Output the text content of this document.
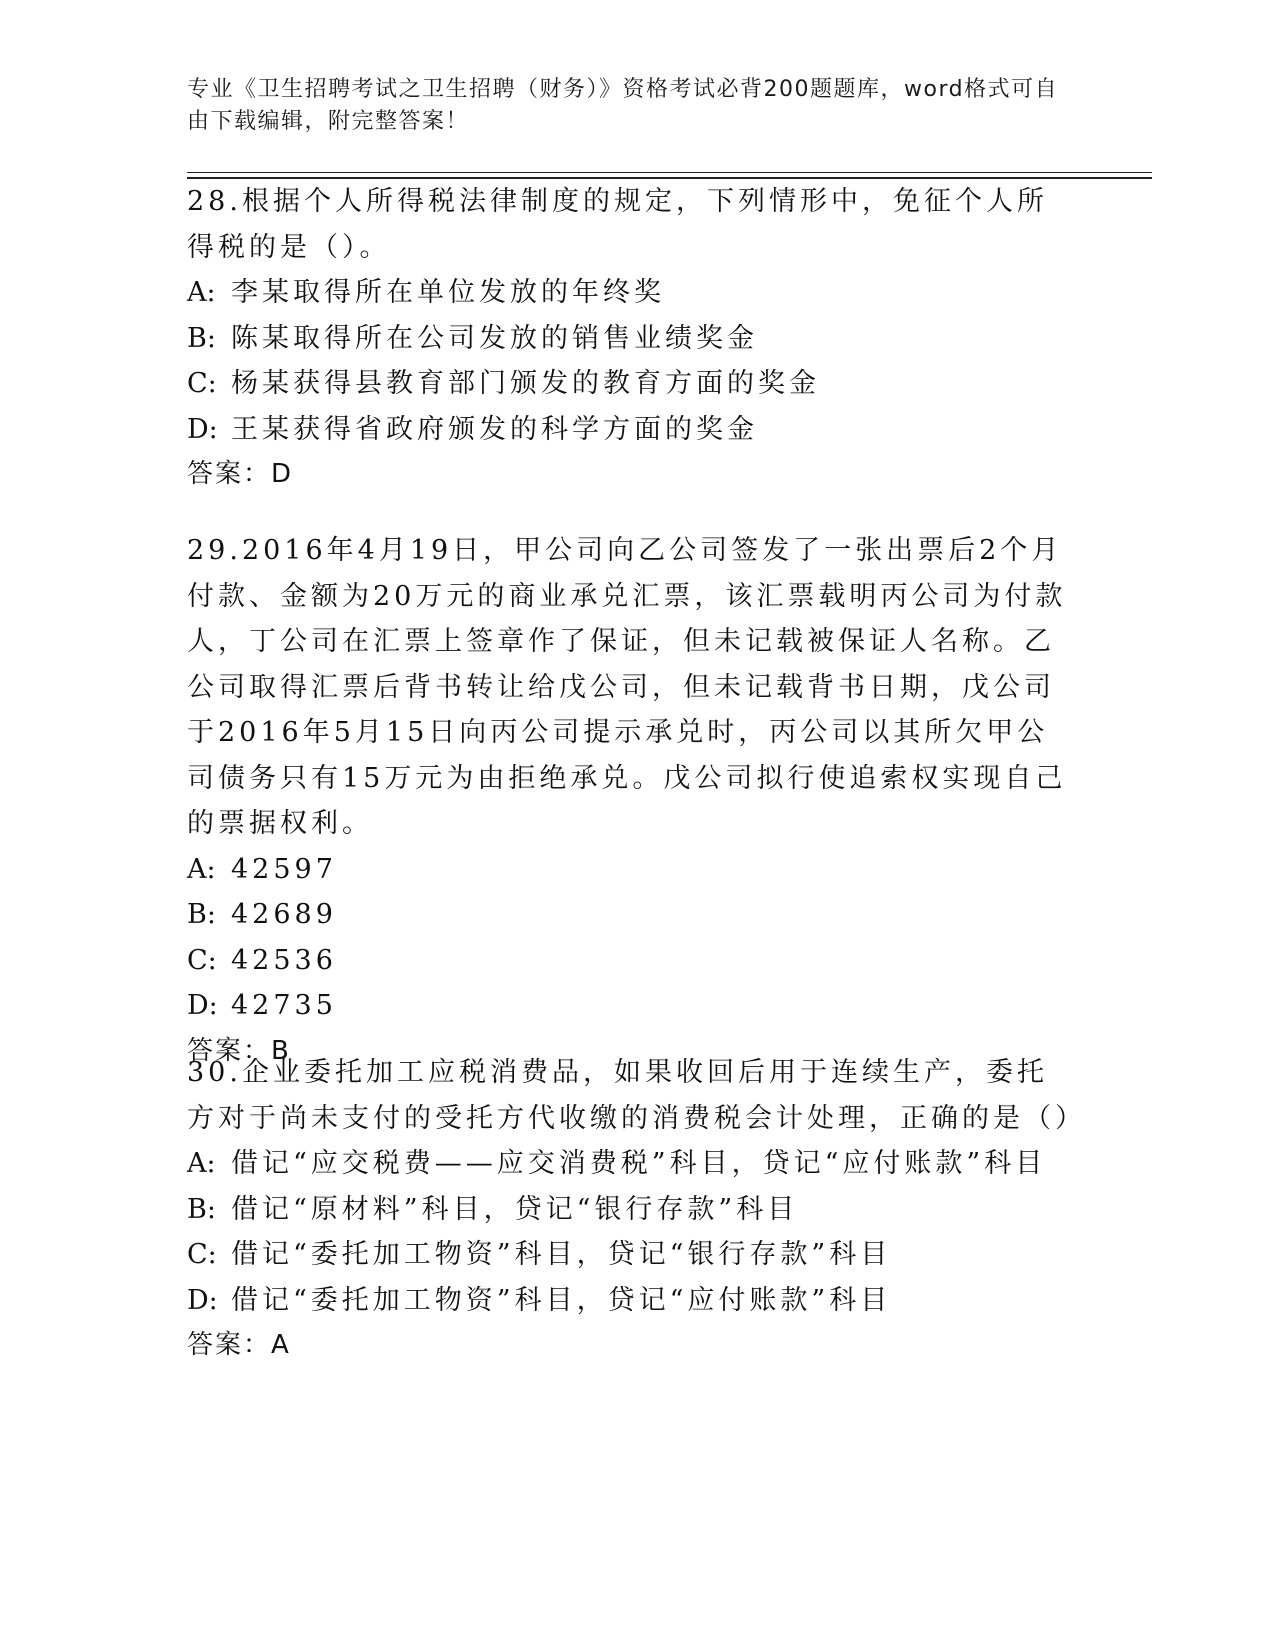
专业《卫生招聘考试之卫生招聘（财务）》资格考试必背200题题库，word格式可自由下载编辑，附完整答案！

28.根据个人所得税法律制度的规定，下列情形中，免征个人所得税的是（）。

A: 李某取得所在单位发放的年终奖

B: 陈某取得所在公司发放的销售业绩奖金

C: 杨某获得县教育部门颁发的教育方面的奖金

D: 王某获得省政府颁发的科学方面的奖金

答案：D

29.2016年4月19日，甲公司向乙公司签发了一张出票后2个月付款、金额为20万元的商业承兑汇票，该汇票载明丙公司为付款人，丁公司在汇票上签章作了保证，但未记载被保证人名称。乙公司取得汇票后背书转让给戊公司，但未记载背书日期，戊公司于2016年5月15日向丙公司提示承兑时，丙公司以其所欠甲公司债务只有15万元为由拒绝承兑。戊公司拟行使追索权实现自己的票据权利。

A: 42597

B: 42689

C: 42536

D: 42735

答案：B

30.企业委托加工应税消费品，如果收回后用于连续生产，委托方对于尚未支付的受托方代收缴的消费税会计处理，正确的是（）

A: 借记“应交税费——应交消费税”科目，贷记“应付账款”科目

B: 借记“原材料”科目，贷记“银行存款”科目

C: 借记“委托加工物资”科目，贷记“银行存款”科目

D: 借记“委托加工物资”科目，贷记“应付账款”科目

答案：A
